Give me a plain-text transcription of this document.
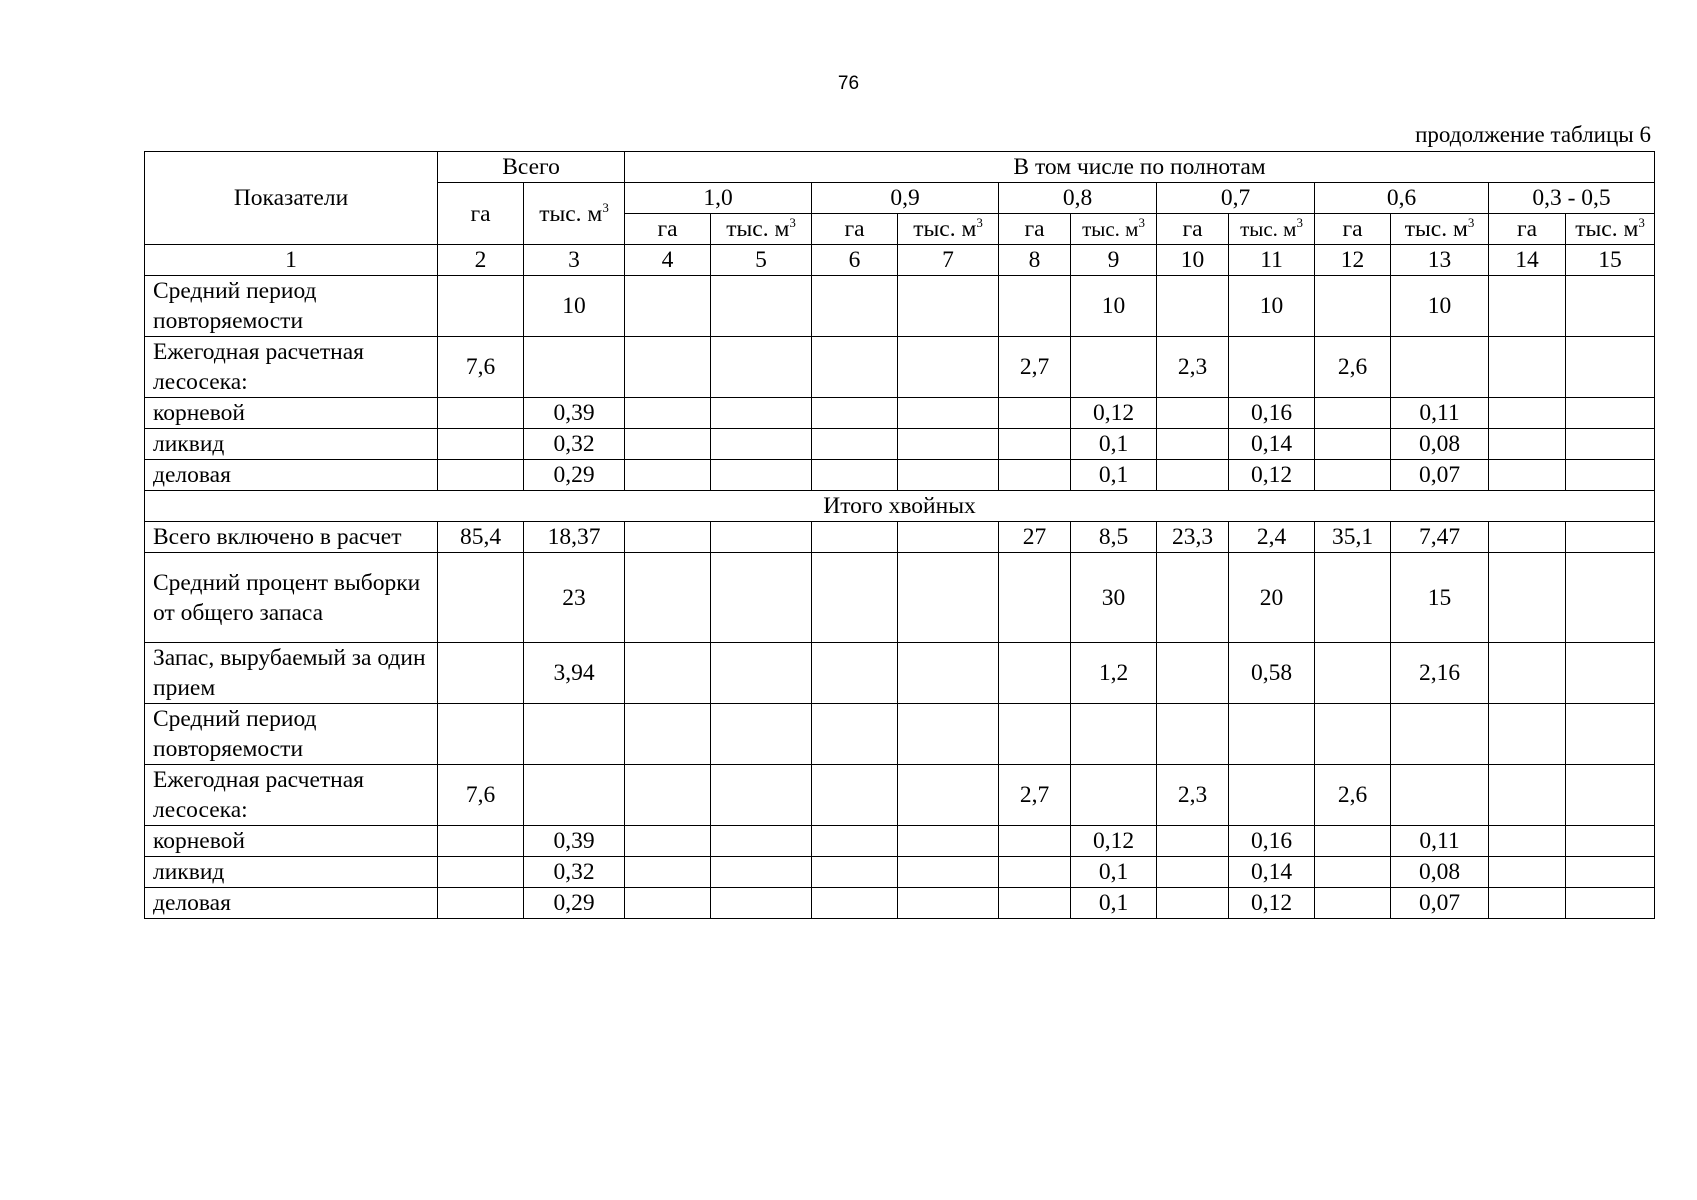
76
продолжение таблицы 6
Показатели	Всего		В том числе по полнотам											
	га	тыс. $м^3$	1,0		0,9		0,8		0,7		0,6		0,3 - 0,5	
			га	тыс. $м^3$	га	тыс. $м^3$	га	тыс. $м^3$	га	тыс. $м^3$	га	тыс. $м^3$	га	тыс. $м^3$
1	2	3	4	5	6	7	8	9	10	11	12	13	14	15
Средний период повторяемости		10						10		10		10		
Ежегодная расчетная лесосека:	7,6						2,7		2,3		2,6			
корневой		0,39						0,12		0,16		0,11		
ликвид		0,32						0,1		0,14		0,08		
деловая		0,29						0,1		0,12		0,07		
Итого хвойных														
Всего включено в расчет	85,4	18,37					27	8,5	23,3	2,4	35,1	7,47		
Средний процент выборки от общего запаса		23						30		20		15		
Запас, вырубаемый за один прием		3,94						1,2		0,58		2,16		
Средний период повторяемости														
Ежегодная расчетная лесосека:	7,6						2,7		2,3		2,6			
корневой		0,39						0,12		0,16		0,11		
ликвид		0,32						0,1		0,14		0,08		
деловая		0,29						0,1		0,12		0,07		
